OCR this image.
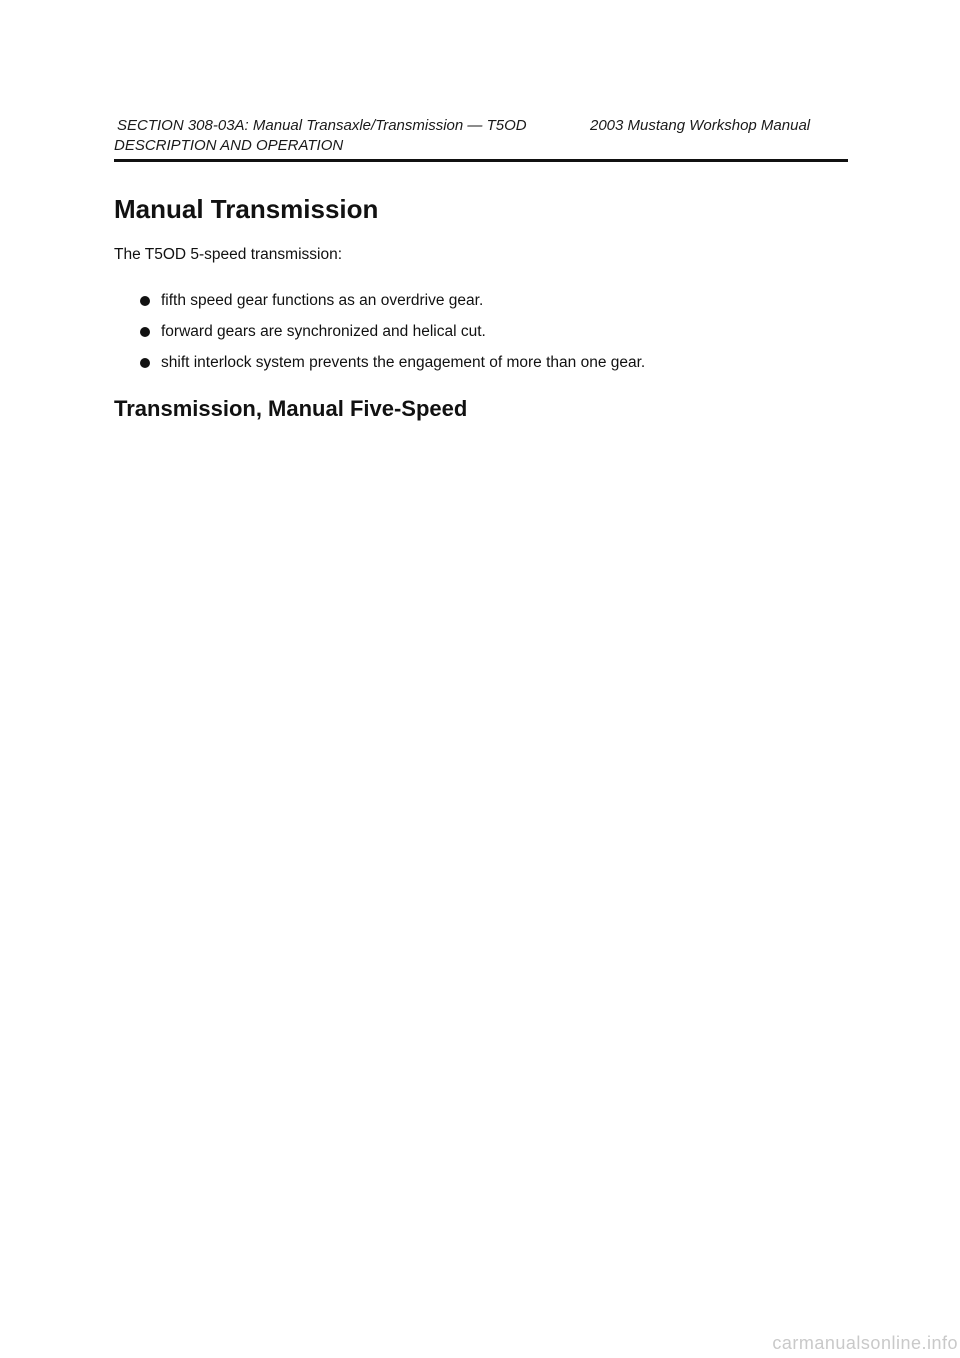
SECTION 308-03A: Manual Transaxle/Transmission — T5OD	2003 Mustang Workshop Manual
DESCRIPTION AND OPERATION
Manual Transmission

The T5OD 5-speed transmission:

fifth speed gear functions as an overdrive gear.
forward gears are synchronized and helical cut.
shift interlock system prevents the engagement of more than one gear.
Transmission, Manual Five-Speed
carmanualsonline.info
